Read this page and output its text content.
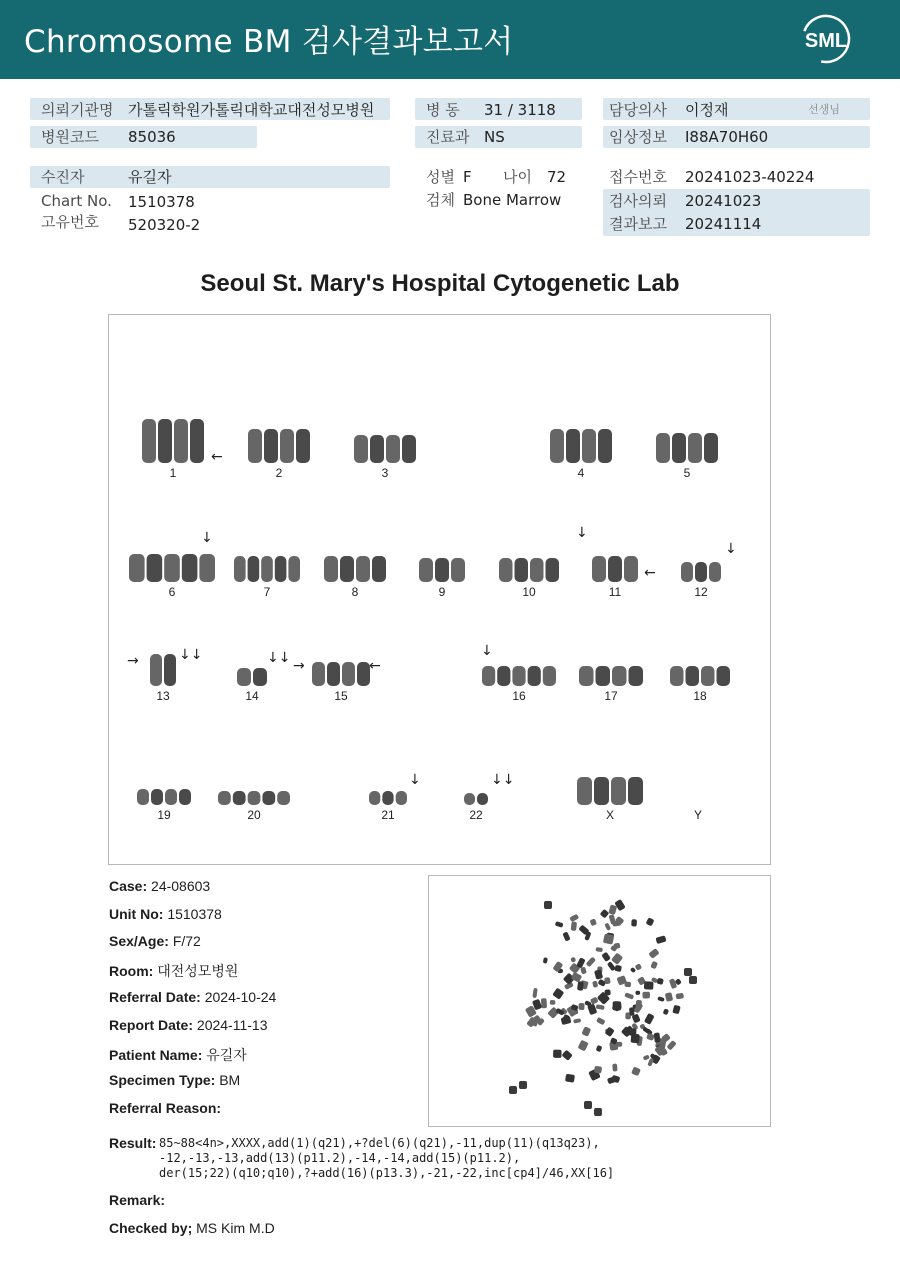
Chromosome BM 검사결과보고서	SML
의뢰기관명 가톨릭학원가톨릭대학교대전성모병원
병원코드 85036
수진자	유길자
Chart No. 1510378
고유번호 520320-2
병 동 31 / 3118
진료과 NS
성별 F 나이 72
검체 Bone Marrow
담당의사 이정재	선생님
임상정보 I88A70H60
접수번호 20241023-40224
검사의뢰 20241023
결과보고 20241114
Seoul St. Mary's Hospital Cytogenetic Lab
←
↓	↓
←
↓
→	↓↓	↓↓ →	←
↓
↓	↓↓
1	2	3	4	5
6	7	8	9	10	11	12
13	14	15	16	17	18
19	20	21	22	X	Y
Case: 24-08603
Unit No: 1510378
Sex/Age: F/72
Room: 대전성모병원
Referral Date: 2024-10-24
Report Date: 2024-11-13
Patient Name: 유길자
Specimen Type: BM
Referral Reason:
Result: 85~88<4n>,XXXX,add(1)(q21),+?del(6)(q21),-11,dup(11)(q13q23),
-12,-13,-13,add(13)(p11.2),-14,-14,add(15)(p11.2),
der(15;22)(q10;q10),?+add(16)(p13.3),-21,-22,inc[cp4]/46,XX[16]
Remark:
Checked by; MS Kim M.D
